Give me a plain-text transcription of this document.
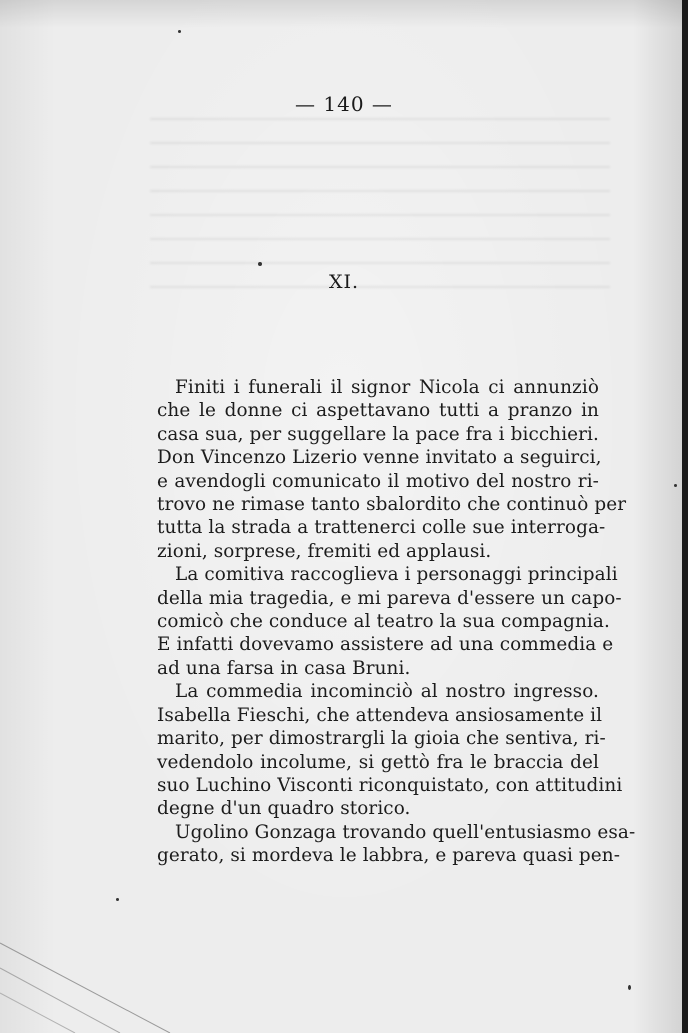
— 140 —
XI.

Finiti i funerali il signor Nicola ci annunziò
che le donne ci aspettavano tutti a pranzo in
casa sua, per suggellare la pace fra i bicchieri.
Don Vincenzo Lizerio venne invitato a seguirci,
e avendogli comunicato il motivo del nostro ri-
trovo ne rimase tanto sbalordito che continuò per
tutta la strada a trattenerci colle sue interroga-
zioni, sorprese, fremiti ed applausi.

La comitiva raccoglieva i personaggi principali
della mia tragedia, e mi pareva d'essere un capo-
comicò che conduce al teatro la sua compagnia.
E infatti dovevamo assistere ad una commedia e
ad una farsa in casa Bruni.

La commedia incominciò al nostro ingresso.
Isabella Fieschi, che attendeva ansiosamente il
marito, per dimostrargli la gioia che sentiva, ri-
vedendolo incolume, si gettò fra le braccia del
suo Luchino Visconti riconquistato, con attitudini
degne d'un quadro storico.

Ugolino Gonzaga trovando quell'entusiasmo esa-
gerato, si mordeva le labbra, e pareva quasi pen-
